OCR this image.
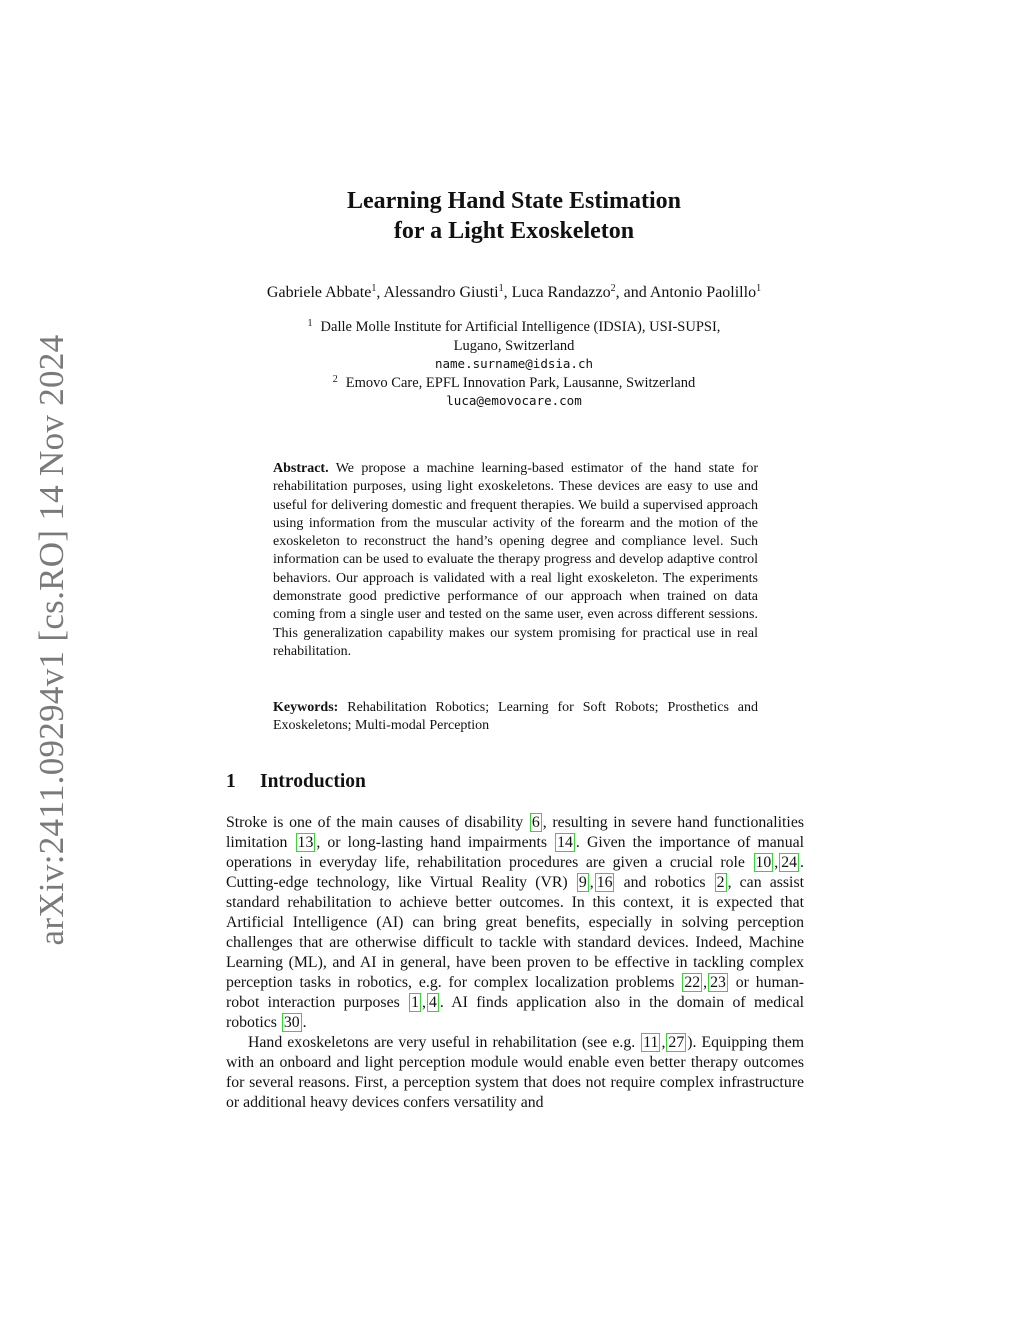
arXiv:2411.09294v1 [cs.RO] 14 Nov 2024
Learning Hand State Estimation
for a Light Exoskeleton
Gabriele Abbate$^1$, Alessandro Giusti$^1$, Luca Randazzo$^2$, and Antonio Paolillo$^1$
$^1$ Dalle Molle Institute for Artificial Intelligence (IDSIA), USI-SUPSI,
Lugano, Switzerland
name.surname@idsia.ch
$^2$ Emovo Care, EPFL Innovation Park, Lausanne, Switzerland
luca@emovocare.com
Abstract. We propose a machine learning-based estimator of the hand state for rehabilitation purposes, using light exoskeletons. These devices are easy to use and useful for delivering domestic and frequent therapies. We build a supervised approach using information from the muscular activity of the forearm and the motion of the exoskeleton to reconstruct the hand’s opening degree and compliance level. Such information can be used to evaluate the therapy progress and develop adaptive control behaviors. Our approach is validated with a real light exoskeleton. The experiments demonstrate good predictive performance of our approach when trained on data coming from a single user and tested on the same user, even across different sessions. This generalization capability makes our system promising for practical use in real rehabilitation.
Keywords: Rehabilitation Robotics; Learning for Soft Robots; Prosthetics and Exoskeletons; Multi-modal Perception
1 Introduction
Stroke is one of the main causes of disability 6 , resulting in severe hand functionalities limitation 13 , or long-lasting hand impairments 14 . Given the importance of manual operations in everyday life, rehabilitation procedures are given a crucial role 10 , 24 . Cutting-edge technology, like Virtual Reality (VR) 9 , 16 and robotics 2 , can assist standard rehabilitation to achieve better outcomes. In this context, it is expected that Artificial Intelligence (AI) can bring great benefits, especially in solving perception challenges that are otherwise difficult to tackle with standard devices. Indeed, Machine Learning (ML), and AI in general, have been proven to be effective in tackling complex perception tasks in robotics, e.g. for complex localization problems 22 , 23 or human-robot interaction purposes 1 , 4 . AI finds application also in the domain of medical robotics 30 .
Hand exoskeletons are very useful in rehabilitation (see e.g. 11 , 27 ). Equipping them with an onboard and light perception module would enable even better therapy outcomes for several reasons. First, a perception system that does not require complex infrastructure or additional heavy devices confers versatility and
